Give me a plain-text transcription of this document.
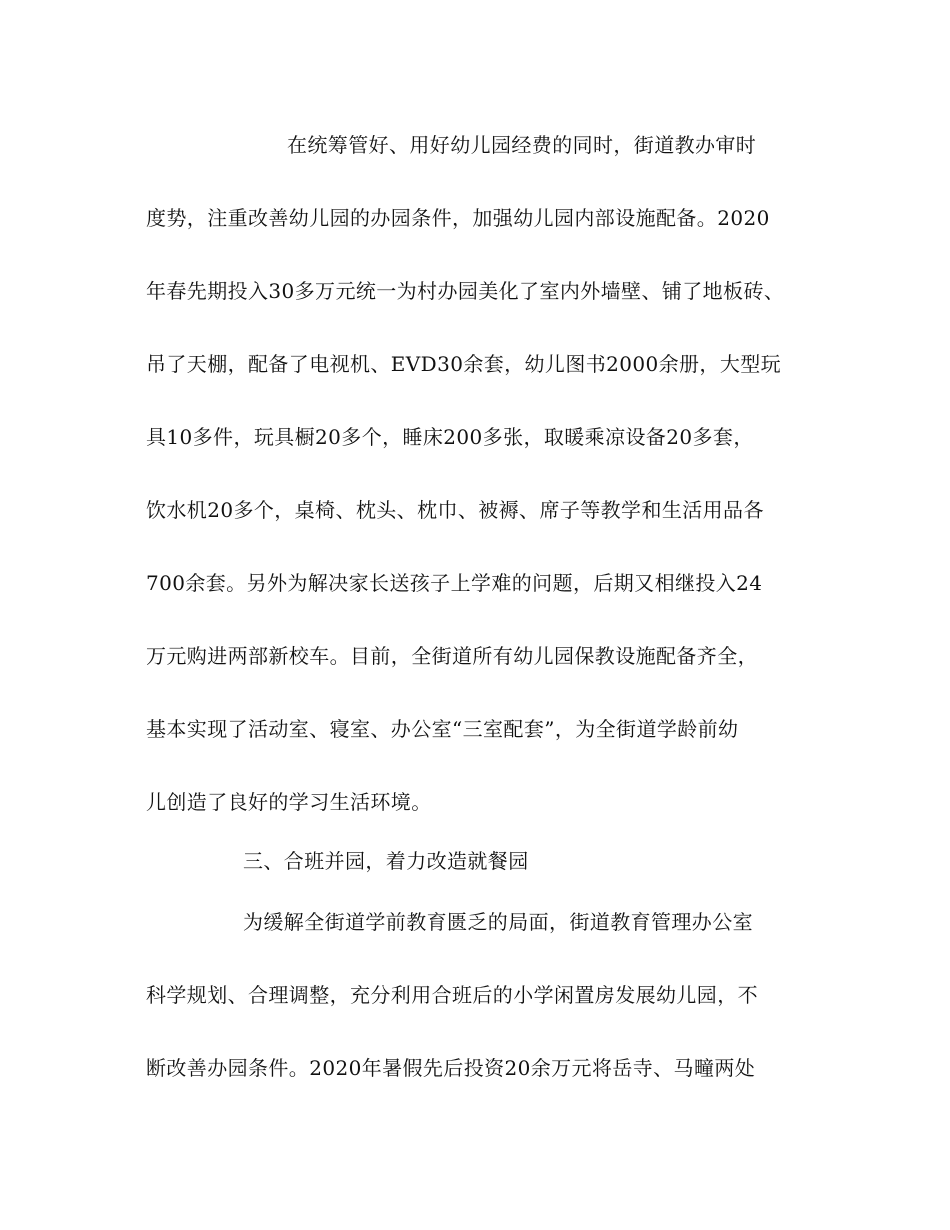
在统筹管好、用好幼儿园经费的同时，街道教办审时
度势，注重改善幼儿园的办园条件，加强幼儿园内部设施配备。2020
年春先期投入30多万元统一为村办园美化了室内外墙壁、铺了地板砖、
吊了天棚，配备了电视机、EVD30余套，幼儿图书2000余册，大型玩
具10多件，玩具橱20多个，睡床200多张，取暖乘凉设备20多套，
饮水机20多个，桌椅、枕头、枕巾、被褥、席子等教学和生活用品各
700余套。另外为解决家长送孩子上学难的问题，后期又相继投入24
万元购进两部新校车。目前，全街道所有幼儿园保教设施配备齐全，
基本实现了活动室、寝室、办公室“三室配套”，为全街道学龄前幼
儿创造了良好的学习生活环境。
三、合班并园，着力改造就餐园
为缓解全街道学前教育匮乏的局面，街道教育管理办公室
科学规划、合理调整，充分利用合班后的小学闲置房发展幼儿园，不
断改善办园条件。2020年暑假先后投资20余万元将岳寺、马疃两处
